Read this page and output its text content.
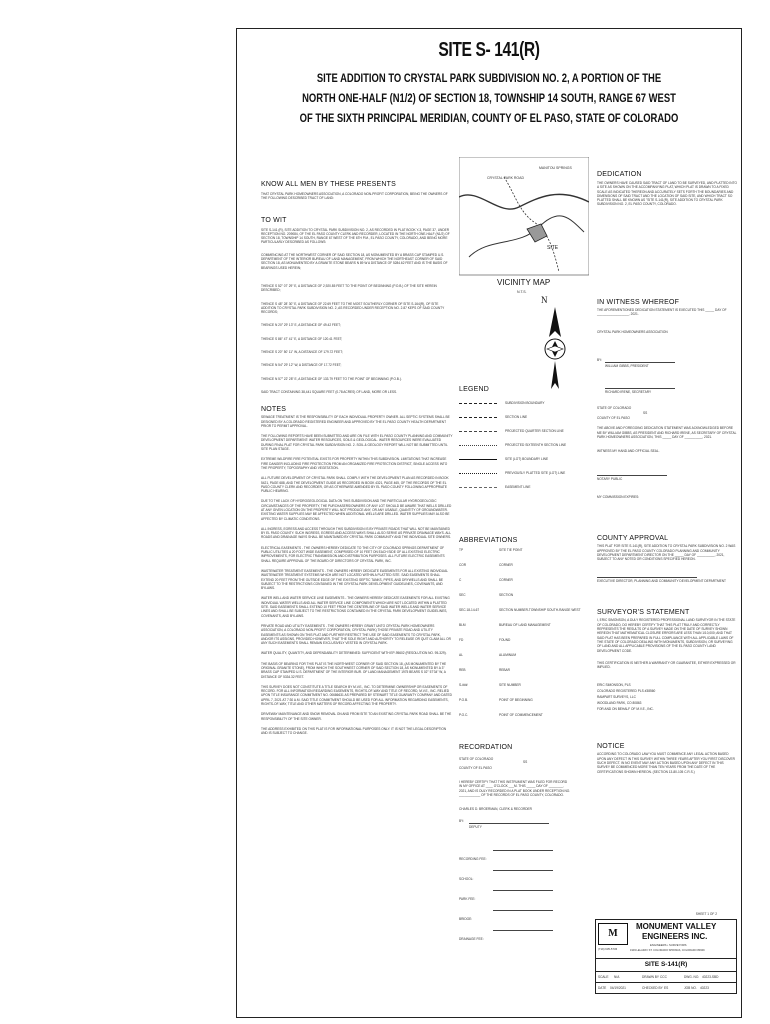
SITE S- 141(R)
SITE ADDITION TO CRYSTAL PARK SUBDIVISION NO. 2, A PORTION OF THE
NORTH ONE-HALF (N1/2) OF SECTION 18, TOWNSHIP 14 SOUTH, RANGE 67 WEST
OF THE SIXTH PRINCIPAL MERIDIAN, COUNTY OF EL PASO, STATE OF COLORADO
KNOW ALL MEN BY THESE PRESENTS
THAT CRYSTAL PARK HOMEOWNERS ASSOCIATION, A COLORADO NON-PROFIT CORPORATION, BEING THE OWNERS OF THE FOLLOWING DESCRIBED TRACT OF LAND:
TO WIT
SITE S-141 (R), SITE ADDITION TO CRYSTAL PARK SUBDIVISION NO. 2, AS RECORDED IN PLAT BOOK Y-3, PAGE 37, UNDER RECEPTION NO. 209084, OF THE EL PASO COUNTY CLERK AND RECORDER, LOCATED IN THE NORTH ONE-HALF (N1/2) OF SECTION 18, TOWNSHIP 14 SOUTH, RANGE 67 WEST OF THE 6TH P.M., EL PASO COUNTY, COLORADO, AND BEING MORE PARTICULARLY DESCRIBED AS FOLLOWS:
COMMENCING AT THE NORTHWEST CORNER OF SAID SECTION 18, AS MONUMENTED BY A BRASS CAP STAMPED U.S. DEPARTMENT OF THE INTERIOR BUREAU OF LAND MANAGEMENT, FROM WHICH THE NORTHEAST CORNER OF SAID SECTION 18, AS MONUMENTED BY A GRANITE STONE BEARS N 89 W A DISTANCE OF 5284.62 FEET AND IS THE BASIS OF BEARINGS USED HEREIN;
THENCE S 52° 07' 29" E, A DISTANCE OF 2,920.85 FEET TO THE POINT OF BEGINNING (P.O.B.) OF THE SITE HEREIN DESCRIBED;
THENCE S 48° 28' 30" E, A DISTANCE OF 22.69 FEET TO THE MOST SOUTHERLY CORNER OF SITE S-164(R), OF SITE ADDITION TO CRYSTAL PARK SUBDIVISION NO. 2, AS RECORDED UNDER RECEPTION NO. 2.87 KEPS OF SAID COUNTY RECORDS;
THENCE N 20° 29' 13" E, A DISTANCE OF 49.42 FEET;
THENCE S 86° 47' 41" E, A DISTANCE OF 120.41 FEET;
THENCE S 20° 50' 11" W, A DISTANCE OF 179.72 FEET;
THENCE N 54° 29' 12" W, A DISTANCE OF 17.72 FEET;
THENCE N 57° 22' 28" E, A DISTANCE OF 133.79 FEET TO THE POINT OF BEGINNING (P.O.B.).
SAID TRACT CONTAINING 38,441 SQUARE FEET (0.78 ACRES) OF LAND, MORE OR LESS.
NOTES
SEWAGE TREATMENT IS THE RESPONSIBILITY OF EACH INDIVIDUAL PROPERTY OWNER. ALL SEPTIC SYSTEMS SHALL BE DESIGNED BY A COLORADO REGISTERED ENGINEER AND APPROVED BY THE EL PASO COUNTY HEALTH DEPARTMENT PRIOR TO PERMIT APPROVAL.
THE FOLLOWING REPORTS HAVE BEEN SUBMITTED AND ARE ON FILE WITH EL PASO COUNTY PLANNING AND COMMUNITY DEVELOPMENT DEPARTMENT: WATER RESOURCES, SOILS & GEOLOGICAL. WATER RESOURCES WERE EVALUATED DURING FINAL PLAT FOR CRYSTAL PARK SUBDIVISION NO. 2. SOIL & GEOLOGY REPORT WILL NOT BE SUBMITTED UNTIL SITE PLAN STAGE.
EXTREME WILDFIRE FIRE POTENTIAL EXISTS FOR PROPERTY WITHIN THIS SUBDIVISION. LIMITATIONS THAT INCREASE FIRE DANGER INCLUDING FIRE PROTECTION FROM AN ORGANIZED FIRE PROTECTION DISTRICT, SINGLE ACCESS INTO THE PROPERTY, TOPOGRAPHY AND VEGETATION.
ALL FUTURE DEVELOPMENT OF CRYSTAL PARK SHALL COMPLY WITH THE DEVELOPMENT PLAN AS RECORDED IN BOOK 5421, PAGE 688, AND THE DEVELOPMENT GUIDE AS RECORDED IN BOOK 4321, PAGE 465, OF THE RECORDS OF THE EL PASO COUNTY CLERK AND RECORDER, OR AS OTHERWISE AMENDED BY EL PASO COUNTY FOLLOWING APPROPRIATE PUBLIC HEARING.
DUE TO THE LACK OF HYDROGEOLOGICAL DATA ON THIS SUBDIVISION AND THE PARTICULAR HYDROGEOLOGIC CIRCUMSTANCES OF THE PROPERTY, THE PURCHASERS/OWNERS OF ANY LOT SHOULD BE AWARE THAT WELLS DRILLED AT ANY GIVEN LOCATION ON THE PROPERTY WILL NOT PRODUCE ANY, OR ANY USABLE, QUANTITY OF GROUNDWATER. EXISTING WATER SUPPLIES MAY BE AFFECTED WHEN ADDITIONAL WELLS ARE DRILLED. WATER SUPPLIES MAY ALSO BE AFFECTED BY CLIMATIC CONDITIONS.
ALL INGRESS, EGRESS AND ACCESS THROUGH THIS SUBDIVISION IS BY PRIVATE ROADS THAT WILL NOT BE MAINTAINED BY EL PASO COUNTY. SUCH INGRESS, EGRESS AND ACCESS WAYS SHALL ALSO SERVE AS PRIVATE DRAINAGE WAYS. ALL ROADS AND DRAINAGE WAYS SHALL BE MAINTAINED BY CRYSTAL PARK COMMUNITY AND THE INDIVIDUAL SITE OWNERS.
ELECTRICAL EASEMENTS - THE OWNERS HEREBY DEDICATE TO THE CITY OF COLORADO SPRINGS DEPARTMENT OF PUBLIC UTILITIES A 20 FOOT WIDE EASEMENT, COMPRISED OF 10 FEET ON EACH SIDE OF ALL EXISTING ELECTRIC IMPROVEMENTS, FOR ELECTRIC TRANSMISSION AND DISTRIBUTION PURPOSES. ALL FUTURE ELECTRIC EASEMENTS SHALL REQUIRE APPROVAL OF THE BOARD OF DIRECTORS OF CRYSTAL PARK, INC.
WASTEWATER TREATMENT EASEMENTS - THE OWNERS HEREBY DEDICATE EASEMENTS FOR ALL EXISTING INDIVIDUAL WASTEWATER TREATMENT SYSTEMS WHICH ARE NOT LOCATED WITHIN A PLATTED SITE. SAID EASEMENTS SHALL EXTEND 20 FEET FROM THE OUTSIDE EDGE OF THE EXISTING SEPTIC TANKS, PIPES, AND DRYWELLS AND SHALL BE SUBJECT TO THE RESTRICTIONS CONTAINED IN THE CRYSTAL PARK DEVELOPMENT GUIDELINES, COVENANTS, AND BYLAWS.
WATER WELL AND WATER SERVICE LINE EASEMENTS - THE OWNERS HEREBY DEDICATE EASEMENTS FOR ALL EXISTING INDIVIDUAL WATER WELLS AND ALL WATER SERVICE LINE COMPONENTS WHICH ARE NOT LOCATED WITHIN A PLATTED SITE. SAID EASEMENTS SHALL EXTEND 10 FEET FROM THE CENTERLINE OF SAID WATER WELLS AND WATER SERVICE LINES AND SHALL BE SUBJECT TO THE RESTRICTIONS CONTAINED IN THE CRYSTAL PARK DEVELOPMENT GUIDELINES, COVENANTS, AND BYLAWS.
PRIVATE ROAD AND UTILITY EASEMENTS - THE OWNERS HEREBY GRANT UNTO CRYSTAL PARK HOMEOWNERS ASSOCIATION, A COLORADO NON-PROFIT CORPORATION, CRYSTAL PARK) THOSE PRIVATE ROAD AND UTILITY EASEMENTS AS SHOWN ON THIS PLAT AND FURTHER RESTRICT THE USE OF SAID EASEMENTS TO CRYSTAL PARK, AND/OR ITS ASSIGNS, PROVIDED HOWEVER, THAT THE SOLE RIGHT AND AUTHORITY TO RELEASE OR QUIT CLAIM ALL OR ANY SUCH EASEMENTS SHALL REMAIN EXCLUSIVELY VESTED IN CRYSTAL PARK.
WATER QUALITY, QUANTITY, AND DEPENDABILITY DETERMINED: SUFFICIENT WITH EP-95602 (RESOLUTION NO. 95-329).
THE BASIS OF BEARING FOR THIS PLAT IS THE NORTHWEST CORNER OF SAID SECTION 18, (AS MONUMENTED BY THE ORIGINAL GRANITE STONE), FROM WHICH THE SOUTHWEST CORNER OF SAID SECTION 18, AS MONUMENTED BY A 3" BRASS CAP STAMPED U.S. DEPARTMENT OF THE INTERIOR BUR. OF LAND MANAGEMENT 1975 BEARS S 02° 57'34" W, A DISTANCE OF 5334.32 FEET.
THIS SURVEY DOES NOT CONSTITUTE A TITLE SEARCH BY M.V.E., INC. TO DETERMINE OWNERSHIP OR EASEMENTS OF RECORD. FOR ALL INFORMATION REGARDING EASEMENTS, RIGHTS-OF-WAY AND TITLE OF RECORD, M.V.E., INC. RELIED UPON TITLE INSURANCE COMMITMENT NO. 00686631 AS PREPARED BY STEWART TITLE GUARANTY COMPANY AND DATED APRIL 7, 2021 AT 7:30 A.M. SAID TITLE COMMITMENT SHOULD BE USED FOR ALL INFORMATION REGARDING EASEMENTS, RIGHTS-OF-WAY, TITLE AND OTHER MATTERS OF RECORD AFFECTING THE PROPERTY.
DRIVEWAY MAINTENANCE AND SNOW REMOVAL ON AND FROM SITE TO AN EXISTING CRYSTAL PARK ROAD SHALL BE THE RESPONSIBILITY OF THE SITE OWNER.
THE ADDRESS EXHIBITED ON THIS PLAT IS FOR INFORMATIONAL PURPOSES ONLY. IT IS NOT THE LEGAL DESCRIPTION AND IS SUBJECT TO CHANGE.
CRYSTAL PARK ROAD
SITE
MANITOU SPRINGS
VICINITY MAP
N.T.S.
N
LEGEND
SUBDIVISION BOUNDARY
SECTION LINE
PROJECTED QUARTER SECTION LINE
PROJECTED SIXTEENTH SECTION LINE
SITE (LOT) BOUNDARY LINE
PREVIOUSLY PLATTED SITE (LOT) LINE
EASEMENT LINE
ABBREVIATIONS
TP	SITE TIE POINT
COR	CORNER
C	CORNER
SEC	SECTION
SEC.18-14-67	SECTION NUMBER-TOWNSHIP SOUTH-RANGE WEST
BLM	BUREAU OF LAND MANAGEMENT
FD	FOUND
AL	ALUMINUM
REB	REBAR
S-###	SITE NUMBER
P.O.B.	POINT OF BEGINNING
P.O.C.	POINT OF COMMENCEMENT
RECORDATION
STATE OF COLORADO
SS
COUNTY OF EL PASO
I HEREBY CERTIFY THAT THIS INSTRUMENT WAS FILED FOR RECORD IN MY OFFICE AT ____ O'CLOCK ___M. THIS _____ DAY OF ________, 2021, AND IS DULY RECORDED IN A PLAT BOOK UNDER RECEPTION NO. ____________ OF THE RECORDS OF EL PASO COUNTY, COLORADO.
CHARLES D. BROERMAN, CLERK & RECORDER
BY:
DEPUTY
RECORDING FEE:
SCHOOL:
PARK FEE:
BRIDGE:
DRAINAGE FEE:
DEDICATION
THE OWNERS HAVE CAUSED SAID TRACT OF LAND TO BE SURVEYED, AND PLATTED INTO A SITE AS SHOWN ON THE ACCOMPANYING PLAT, WHICH PLAT IS DRAWN TO A FIXED SCALE AS INDICATED THEREON AND ACCURATELY SETS FORTH THE BOUNDARIES AND DIMENSIONS OF SAID TRACT AND THE LOCATION OF SAID SITE, AND WHICH TRACT SO PLATTED SHALL BE KNOWN AS "SITE S-141(R), SITE ADDITION TO CRYSTAL PARK SUBDIVISION NO. 2, EL PASO COUNTY, COLORADO.
IN WITNESS WHEREOF
THE AFOREMENTIONED DEDICATION STATEMENT IS EXECUTED THIS _____ DAY OF __________________, 2021.
CRYSTAL PARK HOMEOWNERS ASSOCIATION
BY:
WILLIAM GIBBS, PRESIDENT
RICHARD IRENE, SECRETARY
STATE OF COLORADO
SS
COUNTY OF EL PASO
THE ABOVE AND FOREGOING DEDICATION STATEMENT WAS ACKNOWLEDGED BEFORE ME BY WILLIAM GIBBS, AS PRESIDENT AND RICHARD IRENE, AS SECRETARY OF CRYSTAL PARK HOMEOWNERS ASSOCIATION, THIS _____ DAY OF __________, 2021.
WITNESS MY HAND AND OFFICIAL SEAL.
NOTARY PUBLIC
MY COMMISSION EXPIRES:
COUNTY APPROVAL
THIS PLAT FOR SITE S-141(R), SITE ADDITION TO CRYSTAL PARK SUBDIVISION NO. 2 WAS APPROVED BY THE EL PASO COUNTY COLORADO PLANNING AND COMMUNITY DEVELOPMENT DEPARTMENT DIRECTOR ON THE _____ DAY OF __________, 2021, SUBJECT TO ANY NOTED OR CONDITIONS SPECIFIED HEREON.
EXECUTIVE DIRECTOR, PLANNING AND COMMUNITY DEVELOPMENT DEPARTMENT
SURVEYOR'S STATEMENT
I, ERIC SIMONSON, A DULY REGISTERED PROFESSIONAL LAND SURVEYOR IN THE STATE OF COLORADO, DO HEREBY CERTIFY THAT THIS PLAT TRULY AND CORRECTLY REPRESENTS THE RESULTS OF A SURVEY MADE ON THE DATE OF SURVEY SHOWN HEREON THAT MATHEMATICAL CLOSURE ERRORS ARE LESS THAN 1/10,000; AND THAT SAID PLAT HAS BEEN PREPARED IN FULL COMPLIANCE WITH ALL APPLICABLE LAWS OF THE STATE OF COLORADO DEALING WITH MONUMENTS, SUBDIVISION, OR SURVEYING OF LAND AND ALL APPLICABLE PROVISIONS OF THE EL PASO COUNTY LAND DEVELOPMENT CODE.
THIS CERTIFICATION IS NEITHER A WARRANTY OR GUARANTEE, EITHER EXPRESSED OR IMPLIED.
ERIC SIMONSON, PLS
COLORADO REGISTERED PLS #38560
RAMPART SURVEYS, LLC
WOODLAND PARK, CO 80863
FOR AND ON BEHALF OF M.V.E., INC.
NOTICE
ACCORDING TO COLORADO LAW YOU MUST COMMENCE ANY LEGAL ACTION BASED UPON ANY DEFECT IN THIS SURVEY WITHIN THREE YEARS AFTER YOU FIRST DISCOVER SUCH DEFECT. IN NO EVENT MAY ANY ACTION BASED UPON ANY DEFECT IN THIS SURVEY BE COMMENCED MORE THAN TEN YEARS FROM THE DATE OF THE CERTIFICATIONS SHOWN HEREON. (SECTION 13-80-105 C.R.S.)
SHEET 1 OF 2
M
(719) 635-5736
MONUMENT VALLEY
ENGINEERS INC.
ENGINEERS • SURVEYORS
1903 LELARAY ST. COLORADO SPRINGS, COLORADO 80909
SITE S-141(R)
SCALE N/A	DRAWN BY CCC	DWG. NO. 40223-SBD
DATE 04/19/2021	CHECKED BY ES	JOB NO. 40223
